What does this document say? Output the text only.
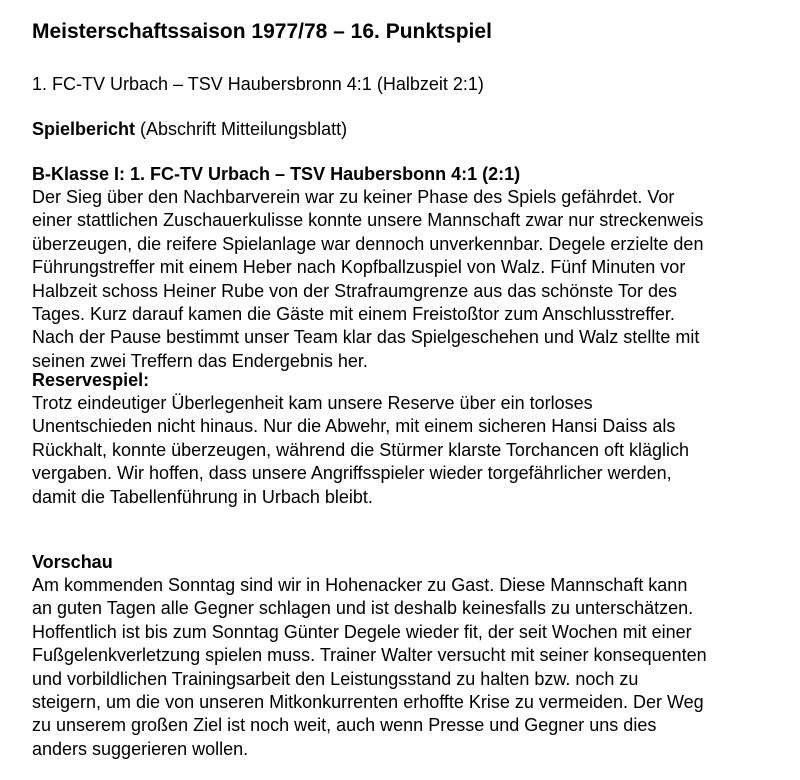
Meisterschaftssaison 1977/78 – 16. Punktspiel

1. FC-TV Urbach – TSV Haubersbronn 4:1 (Halbzeit 2:1)

Spielbericht (Abschrift Mitteilungsblatt)

B-Klasse I: 1. FC-TV Urbach – TSV Haubersbonn 4:1 (2:1)

Der Sieg über den Nachbarverein war zu keiner Phase des Spiels gefährdet. Vor
einer stattlichen Zuschauerkulisse konnte unsere Mannschaft zwar nur streckenweis
überzeugen, die reifere Spielanlage war dennoch unverkennbar. Degele erzielte den
Führungstreffer mit einem Heber nach Kopfballzuspiel von Walz. Fünf Minuten vor
Halbzeit schoss Heiner Rube von der Strafraumgrenze aus das schönste Tor des
Tages. Kurz darauf kamen die Gäste mit einem Freistoßtor zum Anschlusstreffer.
Nach der Pause bestimmt unser Team klar das Spielgeschehen und Walz stellte mit
seinen zwei Treffern das Endergebnis her.

Reservespiel:

Trotz eindeutiger Überlegenheit kam unsere Reserve über ein torloses
Unentschieden nicht hinaus. Nur die Abwehr, mit einem sicheren Hansi Daiss als
Rückhalt, konnte überzeugen, während die Stürmer klarste Torchancen oft kläglich
vergaben. Wir hoffen, dass unsere Angriffsspieler wieder torgefährlicher werden,
damit die Tabellenführung in Urbach bleibt.

Vorschau

Am kommenden Sonntag sind wir in Hohenacker zu Gast. Diese Mannschaft kann
an guten Tagen alle Gegner schlagen und ist deshalb keinesfalls zu unterschätzen.
Hoffentlich ist bis zum Sonntag Günter Degele wieder fit, der seit Wochen mit einer
Fußgelenkverletzung spielen muss. Trainer Walter versucht mit seiner konsequenten
und vorbildlichen Trainingsarbeit den Leistungsstand zu halten bzw. noch zu
steigern, um die von unseren Mitkonkurrenten erhoffte Krise zu vermeiden. Der Weg
zu unserem großen Ziel ist noch weit, auch wenn Presse und Gegner uns dies
anders suggerieren wollen.
